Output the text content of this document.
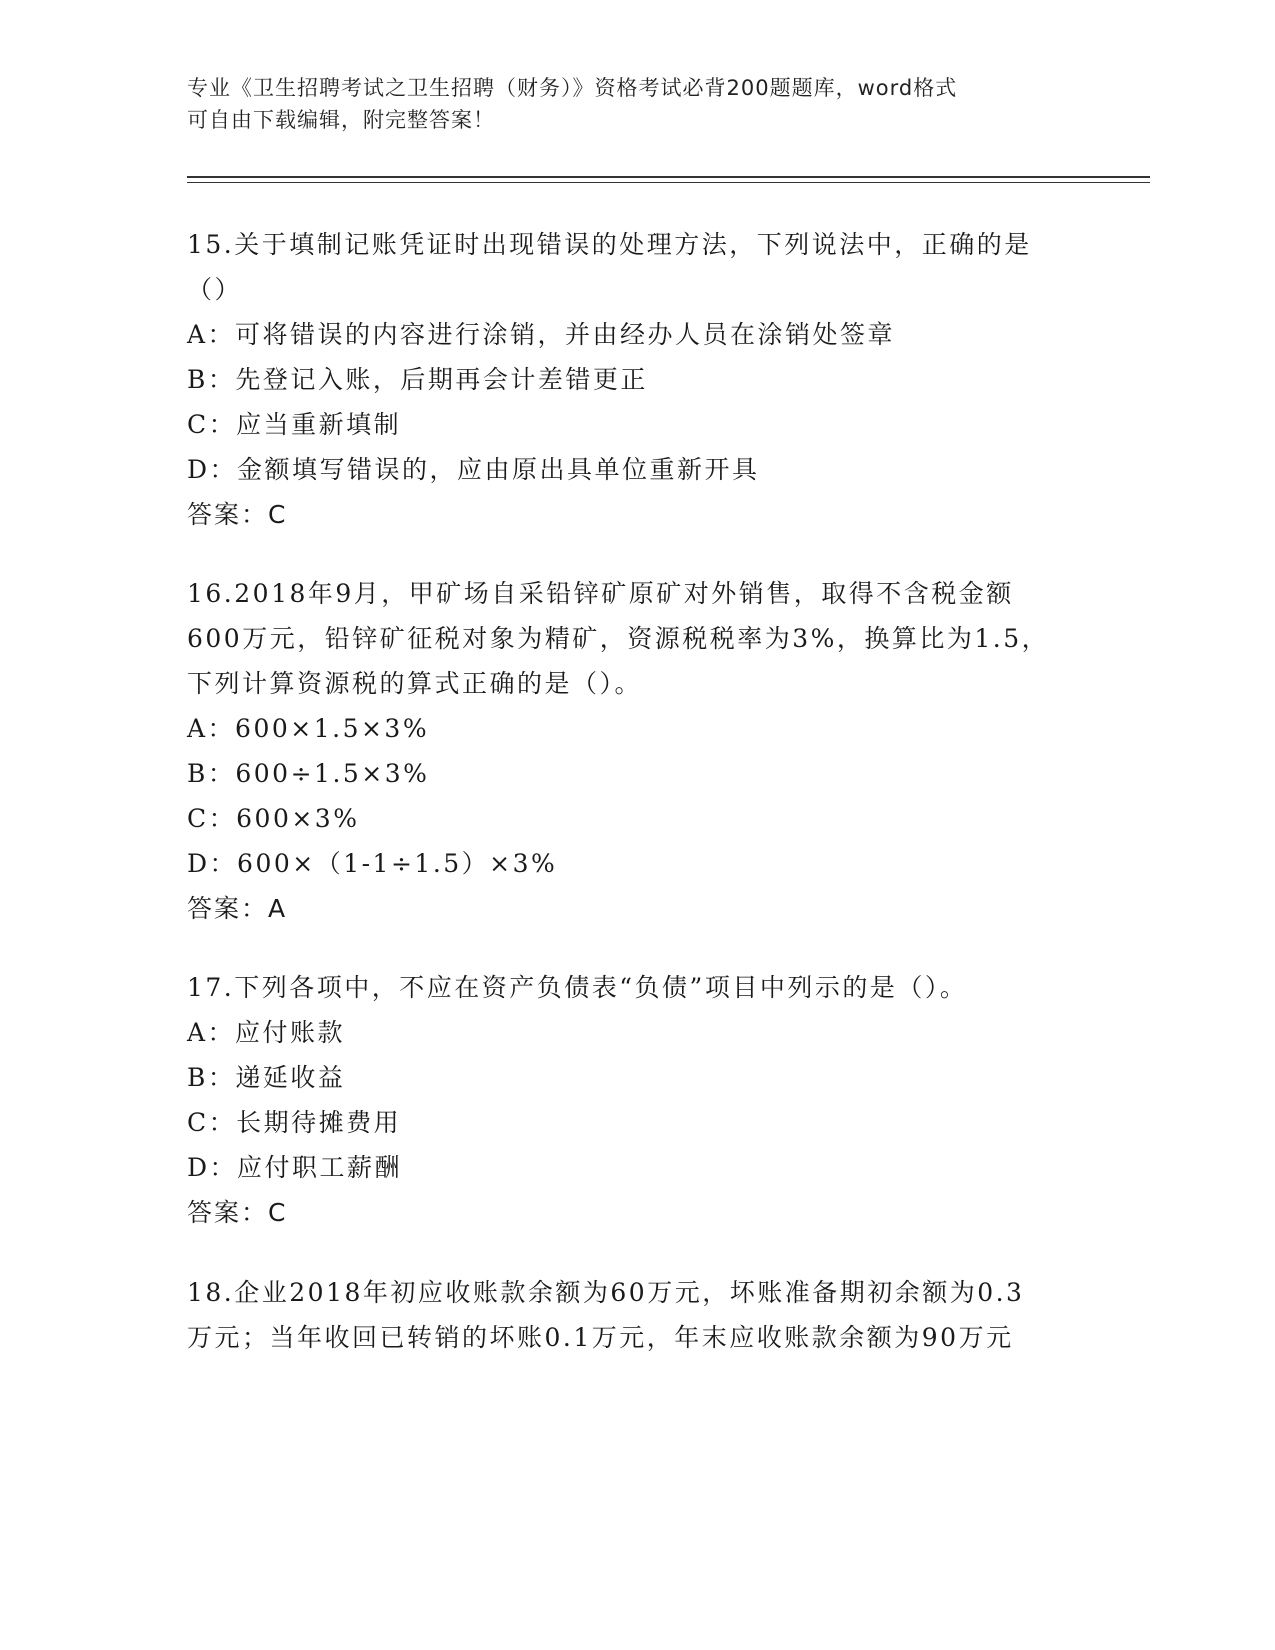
专业《卫生招聘考试之卫生招聘（财务）》资格考试必背200题题库，word格式
可自由下载编辑，附完整答案！

15.关于填制记账凭证时出现错误的处理方法，下列说法中，正确的是

（）

A：可将错误的内容进行涂销，并由经办人员在涂销处签章

B：先登记入账，后期再会计差错更正

C：应当重新填制

D：金额填写错误的，应由原出具单位重新开具

答案：C

16.2018年9月，甲矿场自采铅锌矿原矿对外销售，取得不含税金额

600万元，铅锌矿征税对象为精矿，资源税税率为3%，换算比为1.5，

下列计算资源税的算式正确的是（）。

A：600×1.5×3%

B：600÷1.5×3%

C：600×3%

D：600×（1-1÷1.5）×3%

答案：A

17.下列各项中，不应在资产负债表“负债”项目中列示的是（）。

A：应付账款

B：递延收益

C：长期待摊费用

D：应付职工薪酬

答案：C

18.企业2018年初应收账款余额为60万元，坏账准备期初余额为0.3

万元；当年收回已转销的坏账0.1万元，年末应收账款余额为90万元
